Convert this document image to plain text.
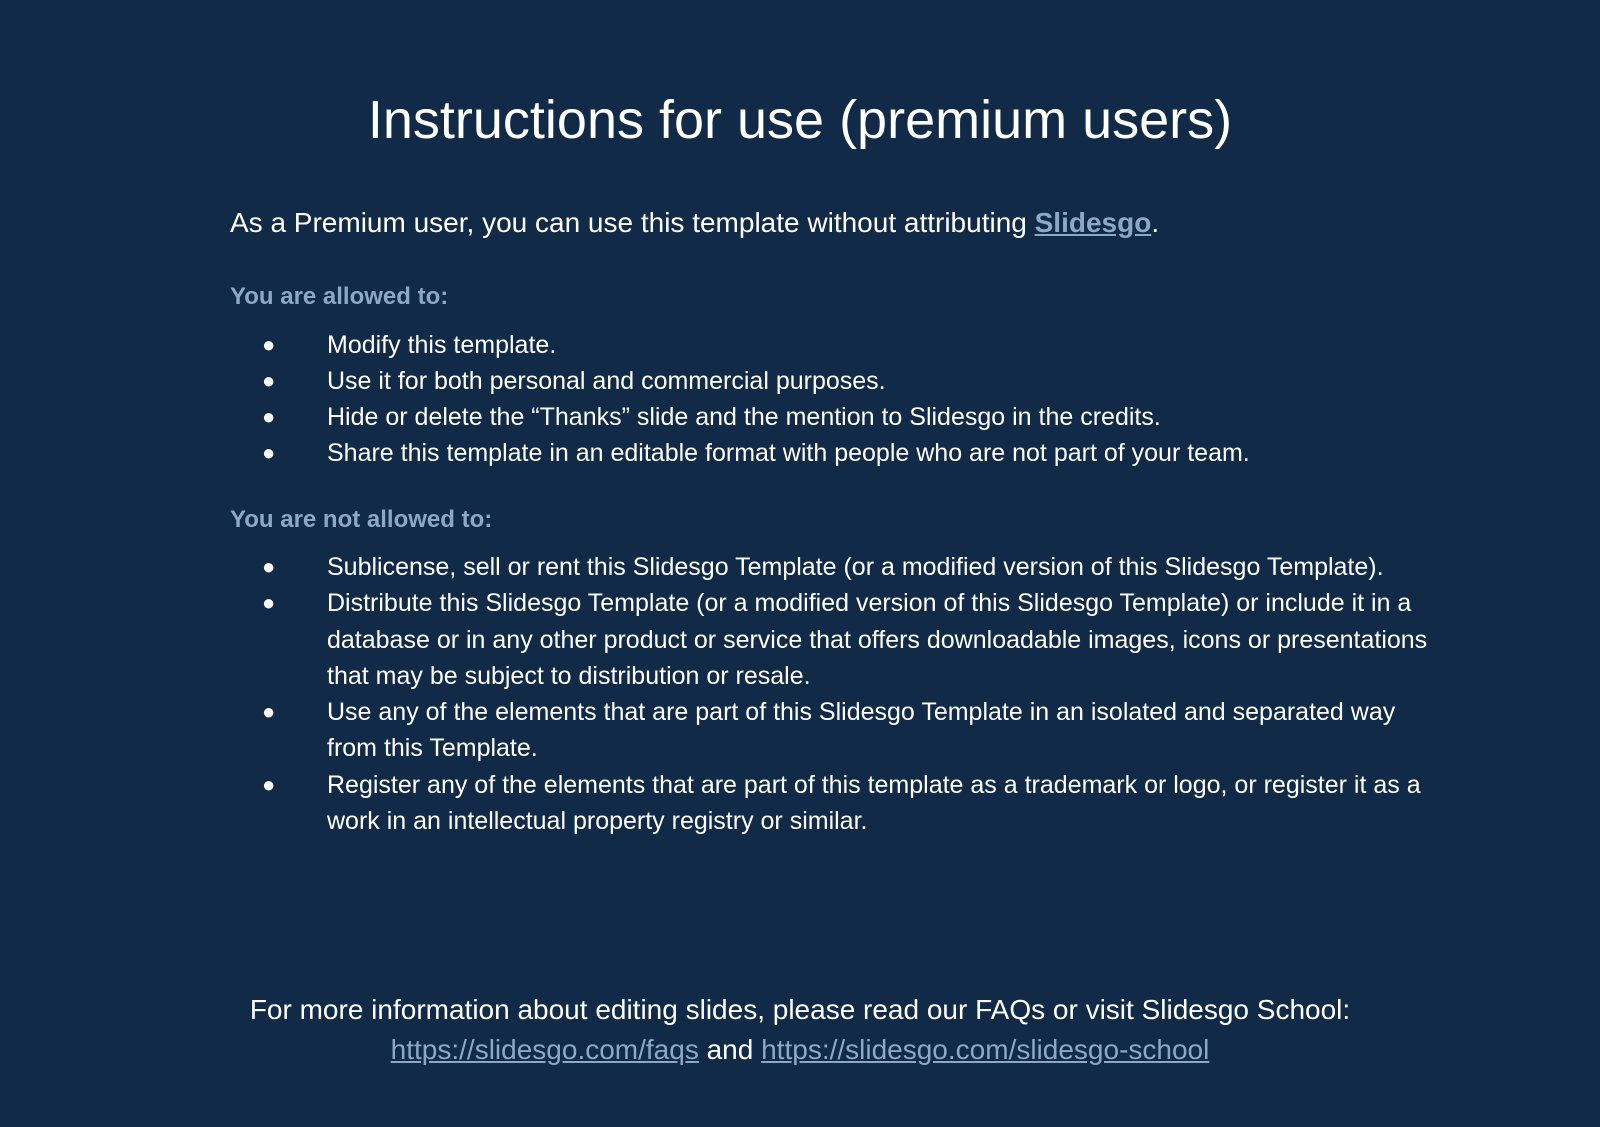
Instructions for use (premium users)

As a Premium user, you can use this template without attributing Slidesgo.

You are allowed to:
● Modify this template.
● Use it for both personal and commercial purposes.
● Hide or delete the “Thanks” slide and the mention to Slidesgo in the credits.
● Share this template in an editable format with people who are not part of your team.
You are not allowed to:
● Sublicense, sell or rent this Slidesgo Template (or a modified version of this Slidesgo Template).
● Distribute this Slidesgo Template (or a modified version of this Slidesgo Template) or include it in a database or in any other product or service that offers downloadable images, icons or presentations that may be subject to distribution or resale.
● Use any of the elements that are part of this Slidesgo Template in an isolated and separated way from this Template.
● Register any of the elements that are part of this template as a trademark or logo, or register it as a work in an intellectual property registry or similar.
For more information about editing slides, please read our FAQs or visit Slidesgo School:
https://slidesgo.com/faqs and https://slidesgo.com/slidesgo-school
